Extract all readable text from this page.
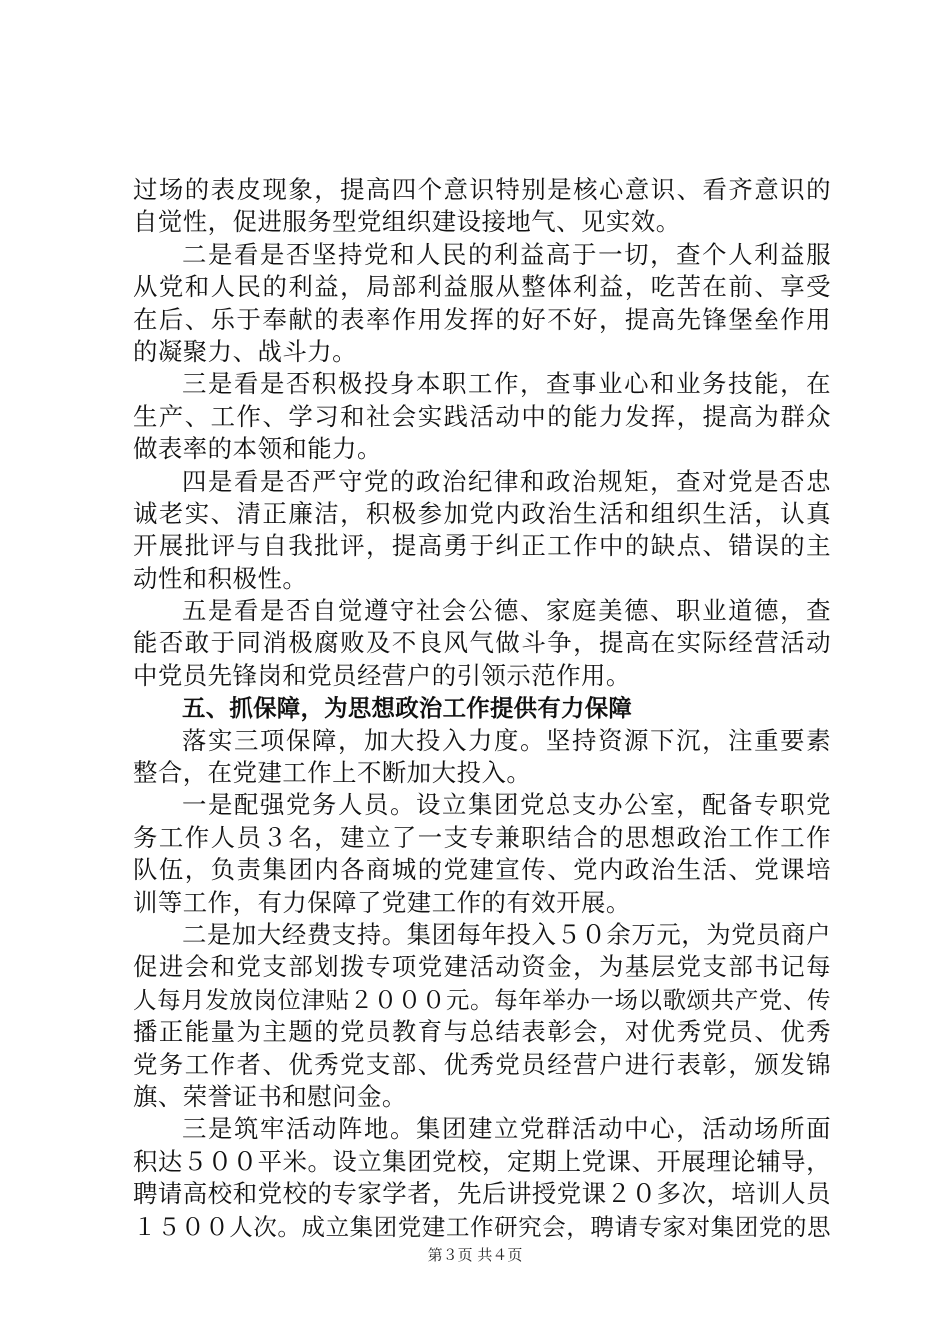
过场的表皮现象，提高四个意识特别是核心意识、看齐意识的
自觉性，促进服务型党组织建设接地气、见实效。
二是看是否坚持党和人民的利益高于一切，查个人利益服
从党和人民的利益，局部利益服从整体利益，吃苦在前、享受
在后、乐于奉献的表率作用发挥的好不好，提高先锋堡垒作用
的凝聚力、战斗力。
三是看是否积极投身本职工作，查事业心和业务技能，在
生产、工作、学习和社会实践活动中的能力发挥，提高为群众
做表率的本领和能力。
四是看是否严守党的政治纪律和政治规矩，查对党是否忠
诚老实、清正廉洁，积极参加党内政治生活和组织生活，认真
开展批评与自我批评，提高勇于纠正工作中的缺点、错误的主
动性和积极性。
五是看是否自觉遵守社会公德、家庭美德、职业道德，查
能否敢于同消极腐败及不良风气做斗争，提高在实际经营活动
中党员先锋岗和党员经营户的引领示范作用。
五、抓保障，为思想政治工作提供有力保障
落实三项保障，加大投入力度。坚持资源下沉，注重要素
整合，在党建工作上不断加大投入。
一是配强党务人员。设立集团党总支办公室，配备专职党
务工作人员３名，建立了一支专兼职结合的思想政治工作工作
队伍，负责集团内各商城的党建宣传、党内政治生活、党课培
训等工作，有力保障了党建工作的有效开展。
二是加大经费支持。集团每年投入５０余万元，为党员商户
促进会和党支部划拨专项党建活动资金，为基层党支部书记每
人每月发放岗位津贴２０００元。每年举办一场以歌颂共产党、传
播正能量为主题的党员教育与总结表彰会，对优秀党员、优秀
党务工作者、优秀党支部、优秀党员经营户进行表彰，颁发锦
旗、荣誉证书和慰问金。
三是筑牢活动阵地。集团建立党群活动中心，活动场所面
积达５００平米。设立集团党校，定期上党课、开展理论辅导，
聘请高校和党校的专家学者，先后讲授党课２０多次，培训人员
１５００人次。成立集团党建工作研究会，聘请专家对集团党的思
第３页 共４页
